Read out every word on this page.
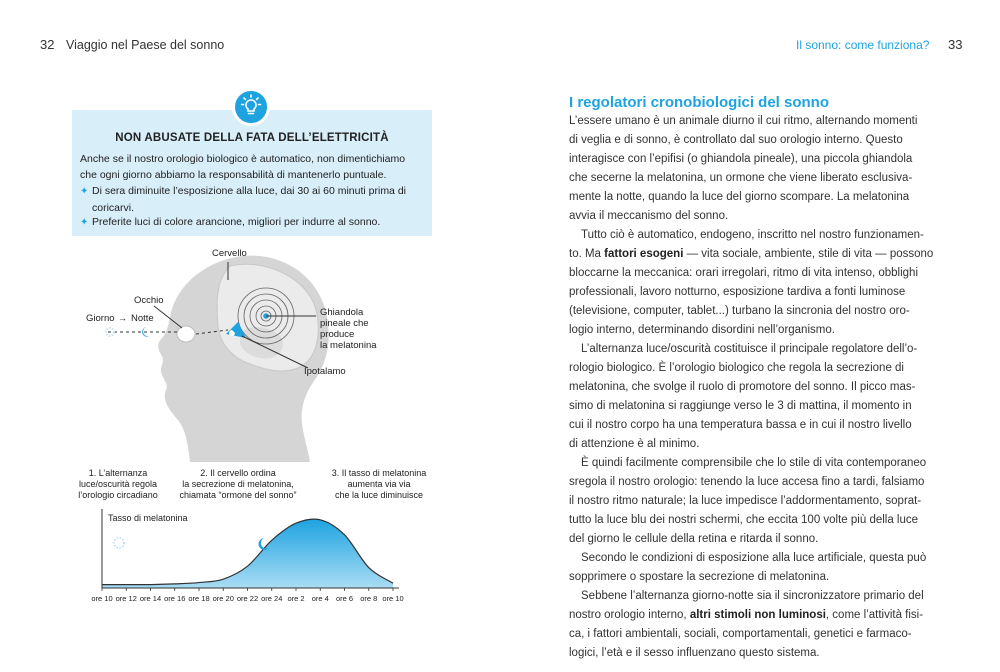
32 Viaggio nel Paese del sonno	Il sonno: come funziona? 33
NON ABUSATE DELLA FATA DELL’ELETTRICITÀ
Anche se il nostro orologio biologico è automatico, non dimentichiamo
che ogni giorno abbiamo la responsabilità di mantenerlo puntuale.
✦ Di sera diminuite l’esposizione alla luce, dai 30 ai 60 minuti prima di
coricarvi.
✦ Preferite luci di colore arancione, migliori per indurre al sonno.
Cervello
Occhio
Giorno → Notte
Ghiandola
pineale che
produce
la melatonina
Ipotalamo
1. L’alternanza
luce/oscurità regola
l’orologio circadiano
2. Il cervello ordina
la secrezione di melatonina,
chiamata “ormone del sonno”
3. Il tasso di melatonina
aumenta via via
che la luce diminuisce
Tasso di melatonina
ore 10 ore 12 ore 14 ore 16 ore 18 ore 20 ore 22 ore 24 ore 2 ore 4 ore 6 ore 8 ore 10
I regolatori cronobiologici del sonno
L’essere umano è un animale diurno il cui ritmo, alternando momenti
di veglia e di sonno, è controllato dal suo orologio interno. Questo
interagisce con l’epifisi (o ghiandola pineale), una piccola ghiandola
che secerne la melatonina, un ormone che viene liberato esclusiva-
mente la notte, quando la luce del giorno scompare. La melatonina
avvia il meccanismo del sonno.
Tutto ciò è automatico, endogeno, inscritto nel nostro funzionamen-
to. Ma fattori esogeni — vita sociale, ambiente, stile di vita — possono
bloccarne la meccanica: orari irregolari, ritmo di vita intenso, obblighi
professionali, lavoro notturno, esposizione tardiva a fonti luminose
(televisione, computer, tablet...) turbano la sincronia del nostro oro-
logio interno, determinando disordini nell’organismo.
L’alternanza luce/oscurità costituisce il principale regolatore dell’o-
rologio biologico. È l’orologio biologico che regola la secrezione di
melatonina, che svolge il ruolo di promotore del sonno. Il picco mas-
simo di melatonina si raggiunge verso le 3 di mattina, il momento in
cui il nostro corpo ha una temperatura bassa e in cui il nostro livello
di attenzione è al minimo.
È quindi facilmente comprensibile che lo stile di vita contemporaneo
sregola il nostro orologio: tenendo la luce accesa fino a tardi, falsiamo
il nostro ritmo naturale; la luce impedisce l’addormentamento, soprat-
tutto la luce blu dei nostri schermi, che eccita 100 volte più della luce
del giorno le cellule della retina e ritarda il sonno.
Secondo le condizioni di esposizione alla luce artificiale, questa può
sopprimere o spostare la secrezione di melatonina.
Sebbene l’alternanza giorno-notte sia il sincronizzatore primario del
nostro orologio interno, altri stimoli non luminosi, come l’attività fisi-
ca, i fattori ambientali, sociali, comportamentali, genetici e farmaco-
logici, l’età e il sesso influenzano questo sistema.
